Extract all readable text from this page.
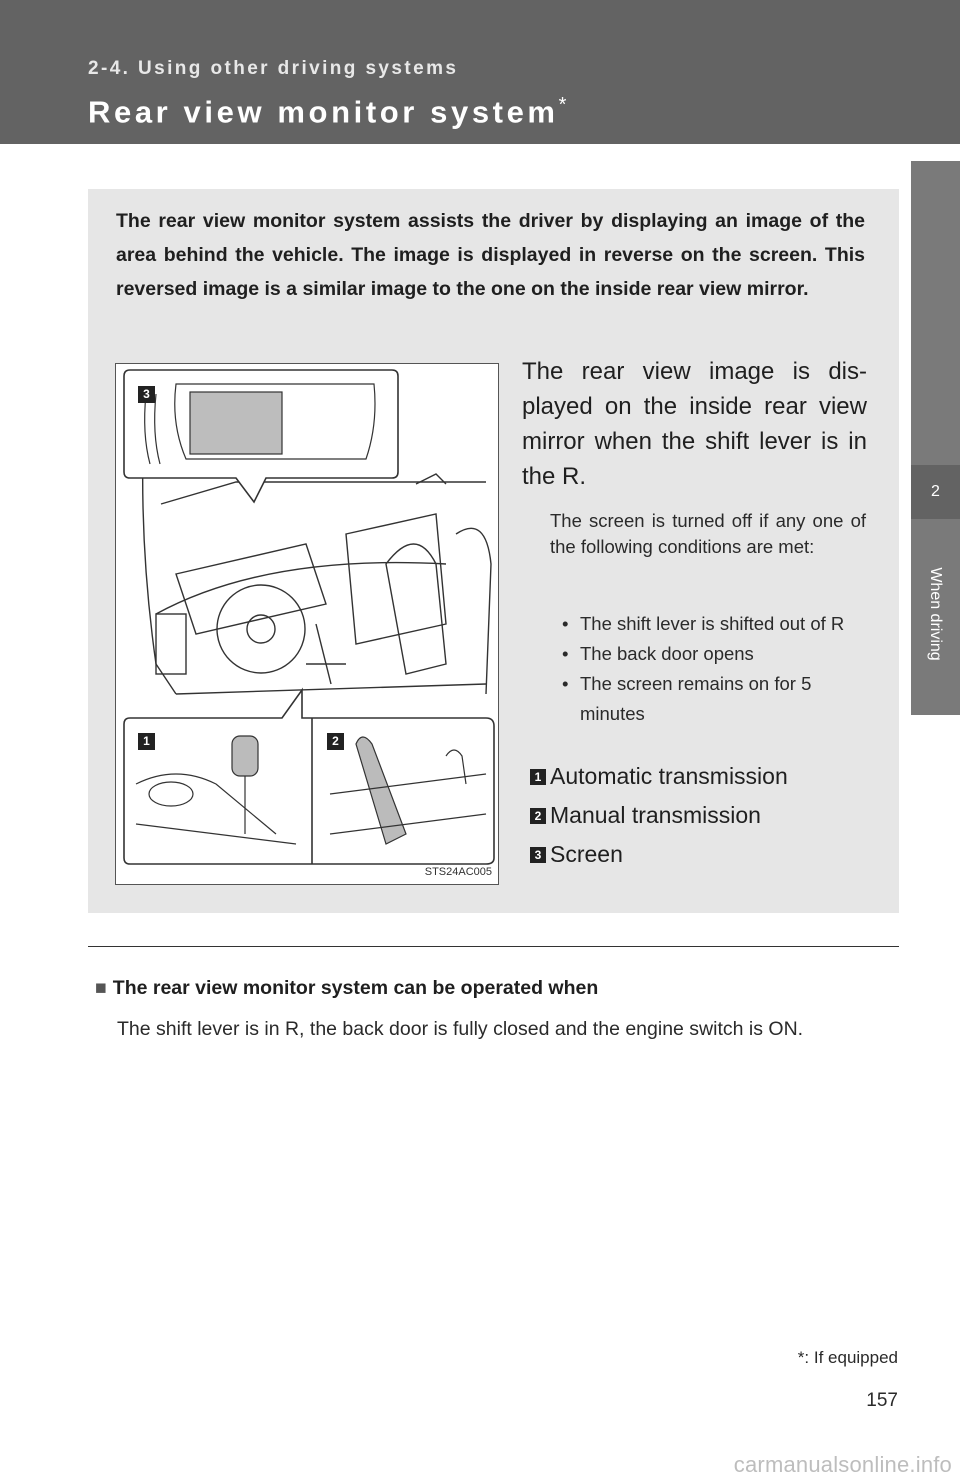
2-4. Using other driving systems
Rear view monitor system*
2
When driving
The rear view monitor system assists the driver by displaying an image of the area behind the vehicle. The image is displayed in reverse on the screen. This reversed image is a similar image to the one on the inside rear view mirror.
3
1	2
STS24AC005
The rear view image is dis-played on the inside rear view mirror when the shift lever is in the R.
The screen is turned off if any one of the following conditions are met:
• The shift lever is shifted out of R
• The back door opens
• The screen remains on for 5 minutes
1 Automatic transmission
2 Manual transmission
3 Screen
■ The rear view monitor system can be operated when
The shift lever is in R, the back door is fully closed and the engine switch is ON.
*: If equipped
157
carmanualsonline.info
